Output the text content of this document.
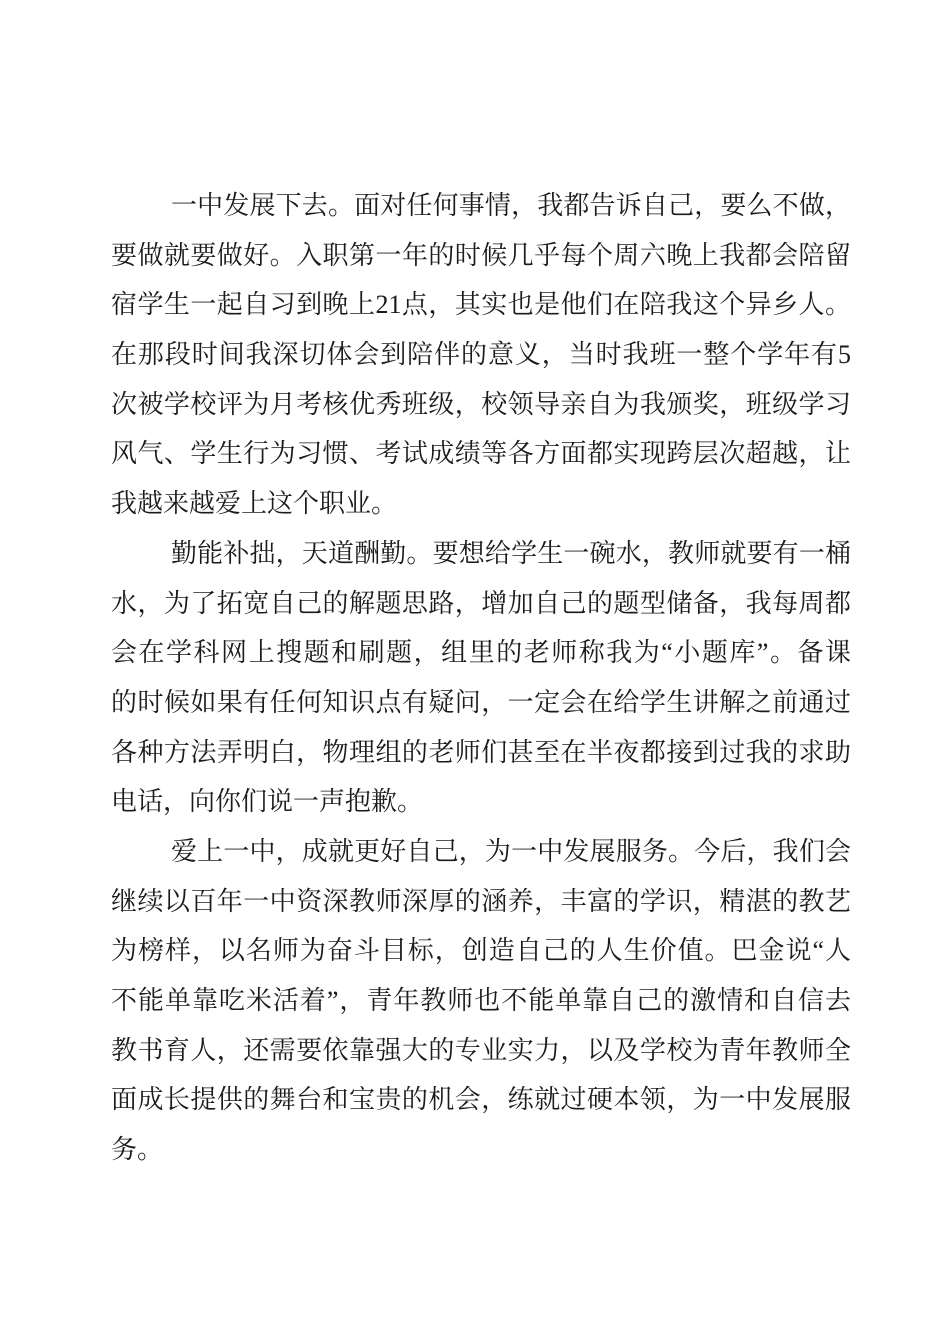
一中发展下去。面对任何事情，我都告诉自己，要么不做，
要做就要做好。入职第一年的时候几乎每个周六晚上我都会陪留
宿学生一起自习到晚上21点，其实也是他们在陪我这个异乡人。
在那段时间我深切体会到陪伴的意义，当时我班一整个学年有5
次被学校评为月考核优秀班级，校领导亲自为我颁奖，班级学习
风气、学生行为习惯、考试成绩等各方面都实现跨层次超越，让
我越来越爱上这个职业。
勤能补拙，天道酬勤。要想给学生一碗水，教师就要有一桶
水，为了拓宽自己的解题思路，增加自己的题型储备，我每周都
会在学科网上搜题和刷题，组里的老师称我为“小题库”。备课
的时候如果有任何知识点有疑问，一定会在给学生讲解之前通过
各种方法弄明白，物理组的老师们甚至在半夜都接到过我的求助
电话，向你们说一声抱歉。
爱上一中，成就更好自己，为一中发展服务。今后，我们会
继续以百年一中资深教师深厚的涵养，丰富的学识，精湛的教艺
为榜样，以名师为奋斗目标，创造自己的人生价值。巴金说“人
不能单靠吃米活着”，青年教师也不能单靠自己的激情和自信去
教书育人，还需要依靠强大的专业实力，以及学校为青年教师全
面成长提供的舞台和宝贵的机会，练就过硬本领，为一中发展服
务。
